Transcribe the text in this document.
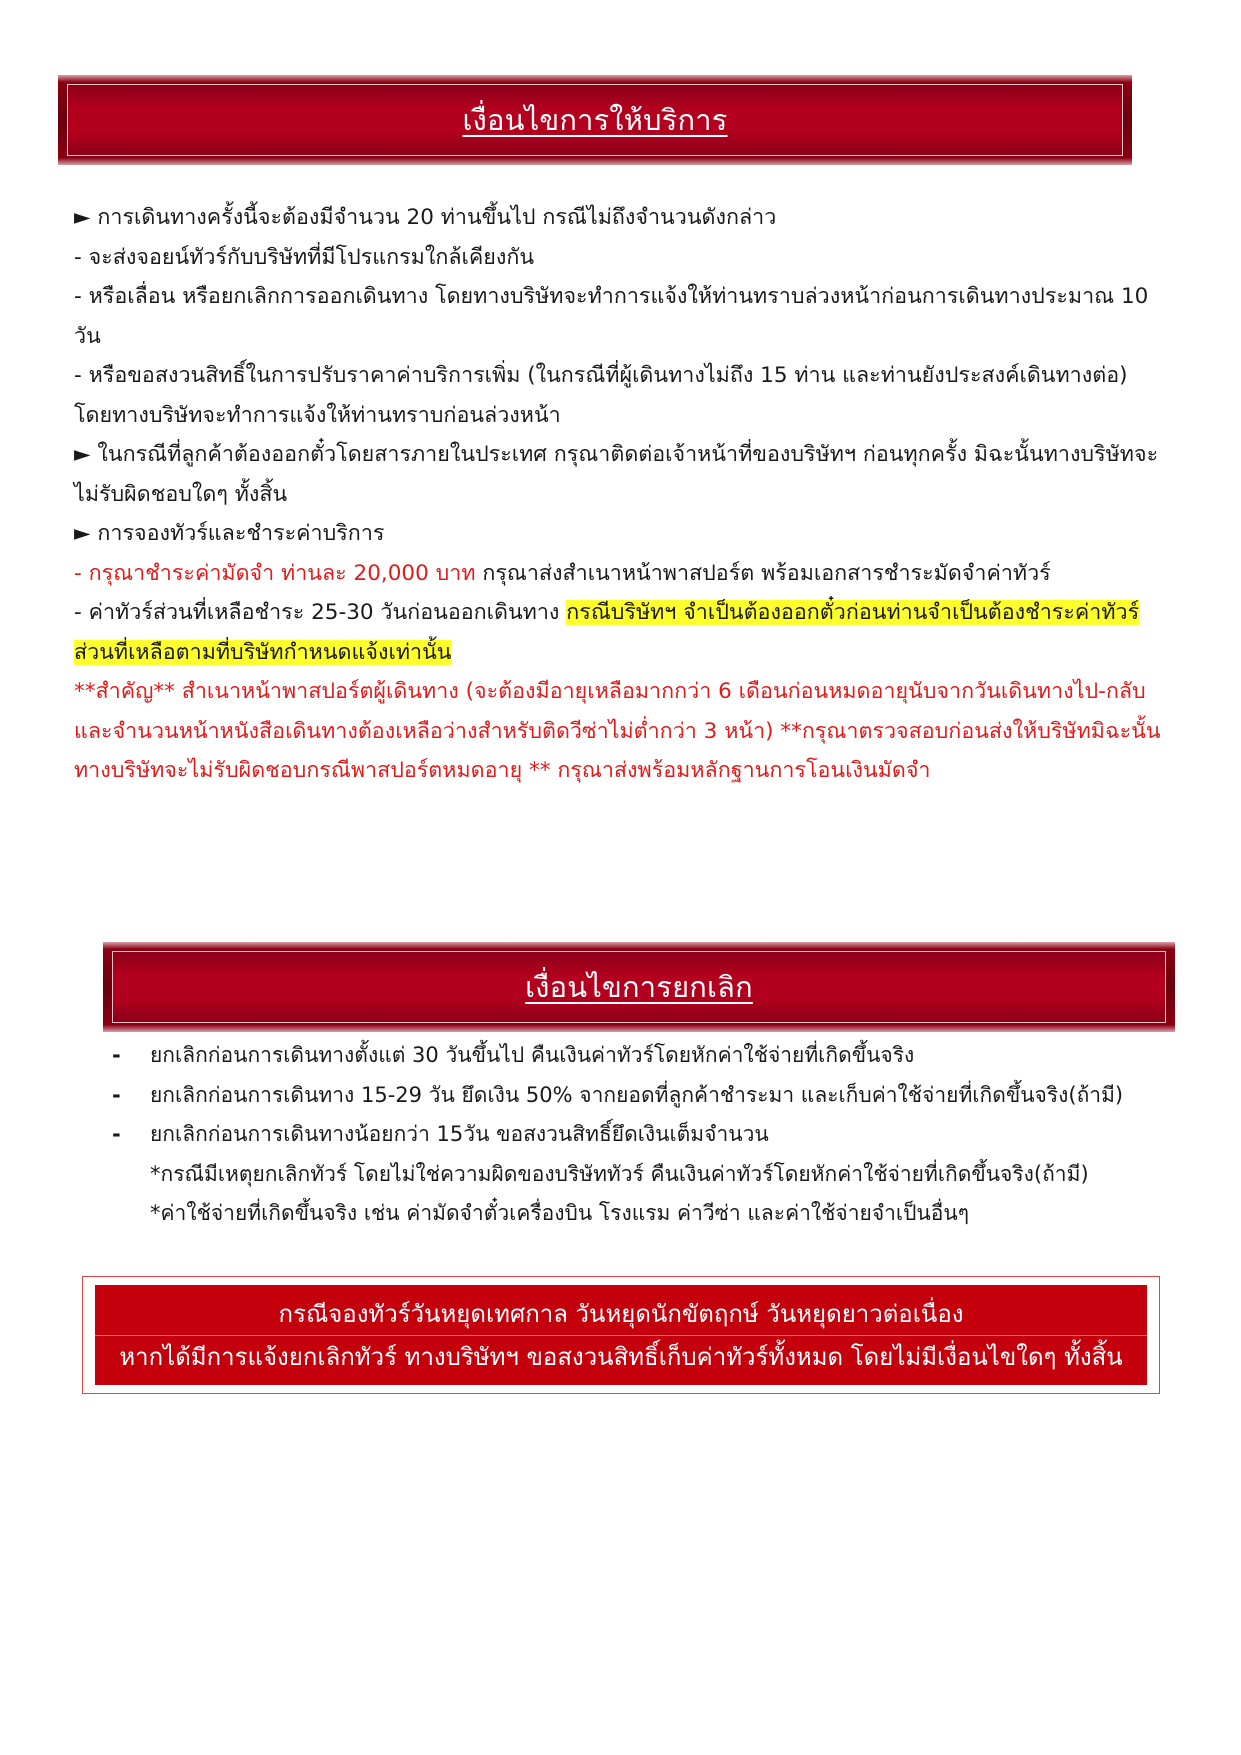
เงื่อนไขการให้บริการ

► การเดินทางครั้งนี้จะต้องมีจำนวน 20 ท่านขึ้นไป กรณีไม่ถึงจำนวนดังกล่าว

- จะส่งจอยน์ทัวร์กับบริษัทที่มีโปรแกรมใกล้เคียงกัน

- หรือเลื่อน หรือยกเลิกการออกเดินทาง โดยทางบริษัทจะทำการแจ้งให้ท่านทราบล่วงหน้าก่อนการเดินทางประมาณ 10 วัน

- หรือขอสงวนสิทธิ์ในการปรับราคาค่าบริการเพิ่ม (ในกรณีที่ผู้เดินทางไม่ถึง 15 ท่าน และท่านยังประสงค์เดินทางต่อ) โดยทางบริษัทจะทำการแจ้งให้ท่านทราบก่อนล่วงหน้า

► ในกรณีที่ลูกค้าต้องออกตั๋วโดยสารภายในประเทศ กรุณาติดต่อเจ้าหน้าที่ของบริษัทฯ ก่อนทุกครั้ง มิฉะนั้นทางบริษัทจะไม่รับผิดชอบใดๆ ทั้งสิ้น

► การจองทัวร์และชำระค่าบริการ

- กรุณาชำระค่ามัดจำ ท่านละ 20,000 บาท กรุณาส่งสำเนาหน้าพาสปอร์ต พร้อมเอกสารชำระมัดจำค่าทัวร์

- ค่าทัวร์ส่วนที่เหลือชำระ 25-30 วันก่อนออกเดินทาง กรณีบริษัทฯ จำเป็นต้องออกตั๋วก่อนท่านจำเป็นต้องชำระค่าทัวร์ส่วนที่เหลือตามที่บริษัทกำหนดแจ้งเท่านั้น

**สำคัญ** สำเนาหน้าพาสปอร์ตผู้เดินทาง (จะต้องมีอายุเหลือมากกว่า 6 เดือนก่อนหมดอายุนับจากวันเดินทางไป-กลับและจำนวนหน้าหนังสือเดินทางต้องเหลือว่างสำหรับติดวีซ่าไม่ต่ำกว่า 3 หน้า) **กรุณาตรวจสอบก่อนส่งให้บริษัทมิฉะนั้นทางบริษัทจะไม่รับผิดชอบกรณีพาสปอร์ตหมดอายุ ** กรุณาส่งพร้อมหลักฐานการโอนเงินมัดจำ

เงื่อนไขการยกเลิก
-	ยกเลิกก่อนการเดินทางตั้งแต่ 30 วันขึ้นไป คืนเงินค่าทัวร์โดยหักค่าใช้จ่ายที่เกิดขึ้นจริง
-	ยกเลิกก่อนการเดินทาง 15-29 วัน ยึดเงิน 50% จากยอดที่ลูกค้าชำระมา และเก็บค่าใช้จ่ายที่เกิดขึ้นจริง(ถ้ามี)
-	ยกเลิกก่อนการเดินทางน้อยกว่า 15วัน ขอสงวนสิทธิ์ยึดเงินเต็มจำนวน
*กรณีมีเหตุยกเลิกทัวร์ โดยไม่ใช่ความผิดของบริษัททัวร์ คืนเงินค่าทัวร์โดยหักค่าใช้จ่ายที่เกิดขึ้นจริง(ถ้ามี)
*ค่าใช้จ่ายที่เกิดขึ้นจริง เช่น ค่ามัดจำตั๋วเครื่องบิน โรงแรม ค่าวีซ่า และค่าใช้จ่ายจำเป็นอื่นๆ
กรณีจองทัวร์วันหยุดเทศกาล วันหยุดนักขัตฤกษ์ วันหยุดยาวต่อเนื่อง
หากได้มีการแจ้งยกเลิกทัวร์ ทางบริษัทฯ ขอสงวนสิทธิ์เก็บค่าทัวร์ทั้งหมด โดยไม่มีเงื่อนไขใดๆ ทั้งสิ้น
